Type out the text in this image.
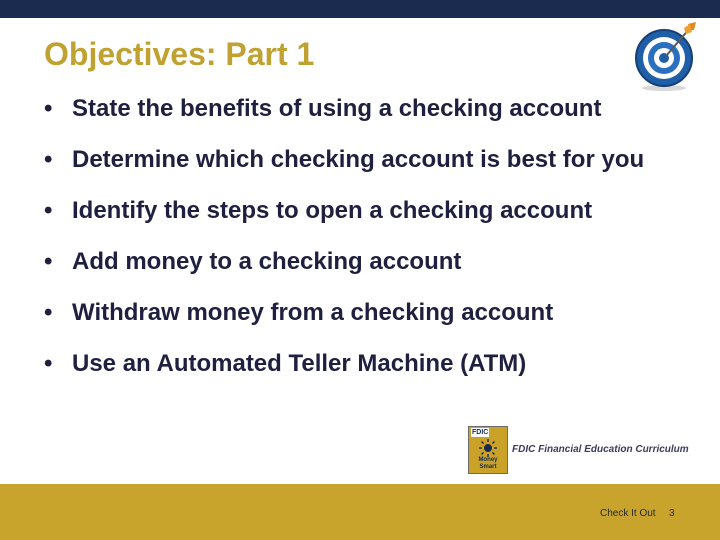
Objectives: Part 1
• State the benefits of using a checking account
• Determine which checking account is best for you
• Identify the steps to open a checking account
• Add money to a checking account
• Withdraw money from a checking account
• Use an Automated Teller Machine (ATM)
FDIC
Money
Smart
FDIC Financial Education Curriculum
Check It Out 3
